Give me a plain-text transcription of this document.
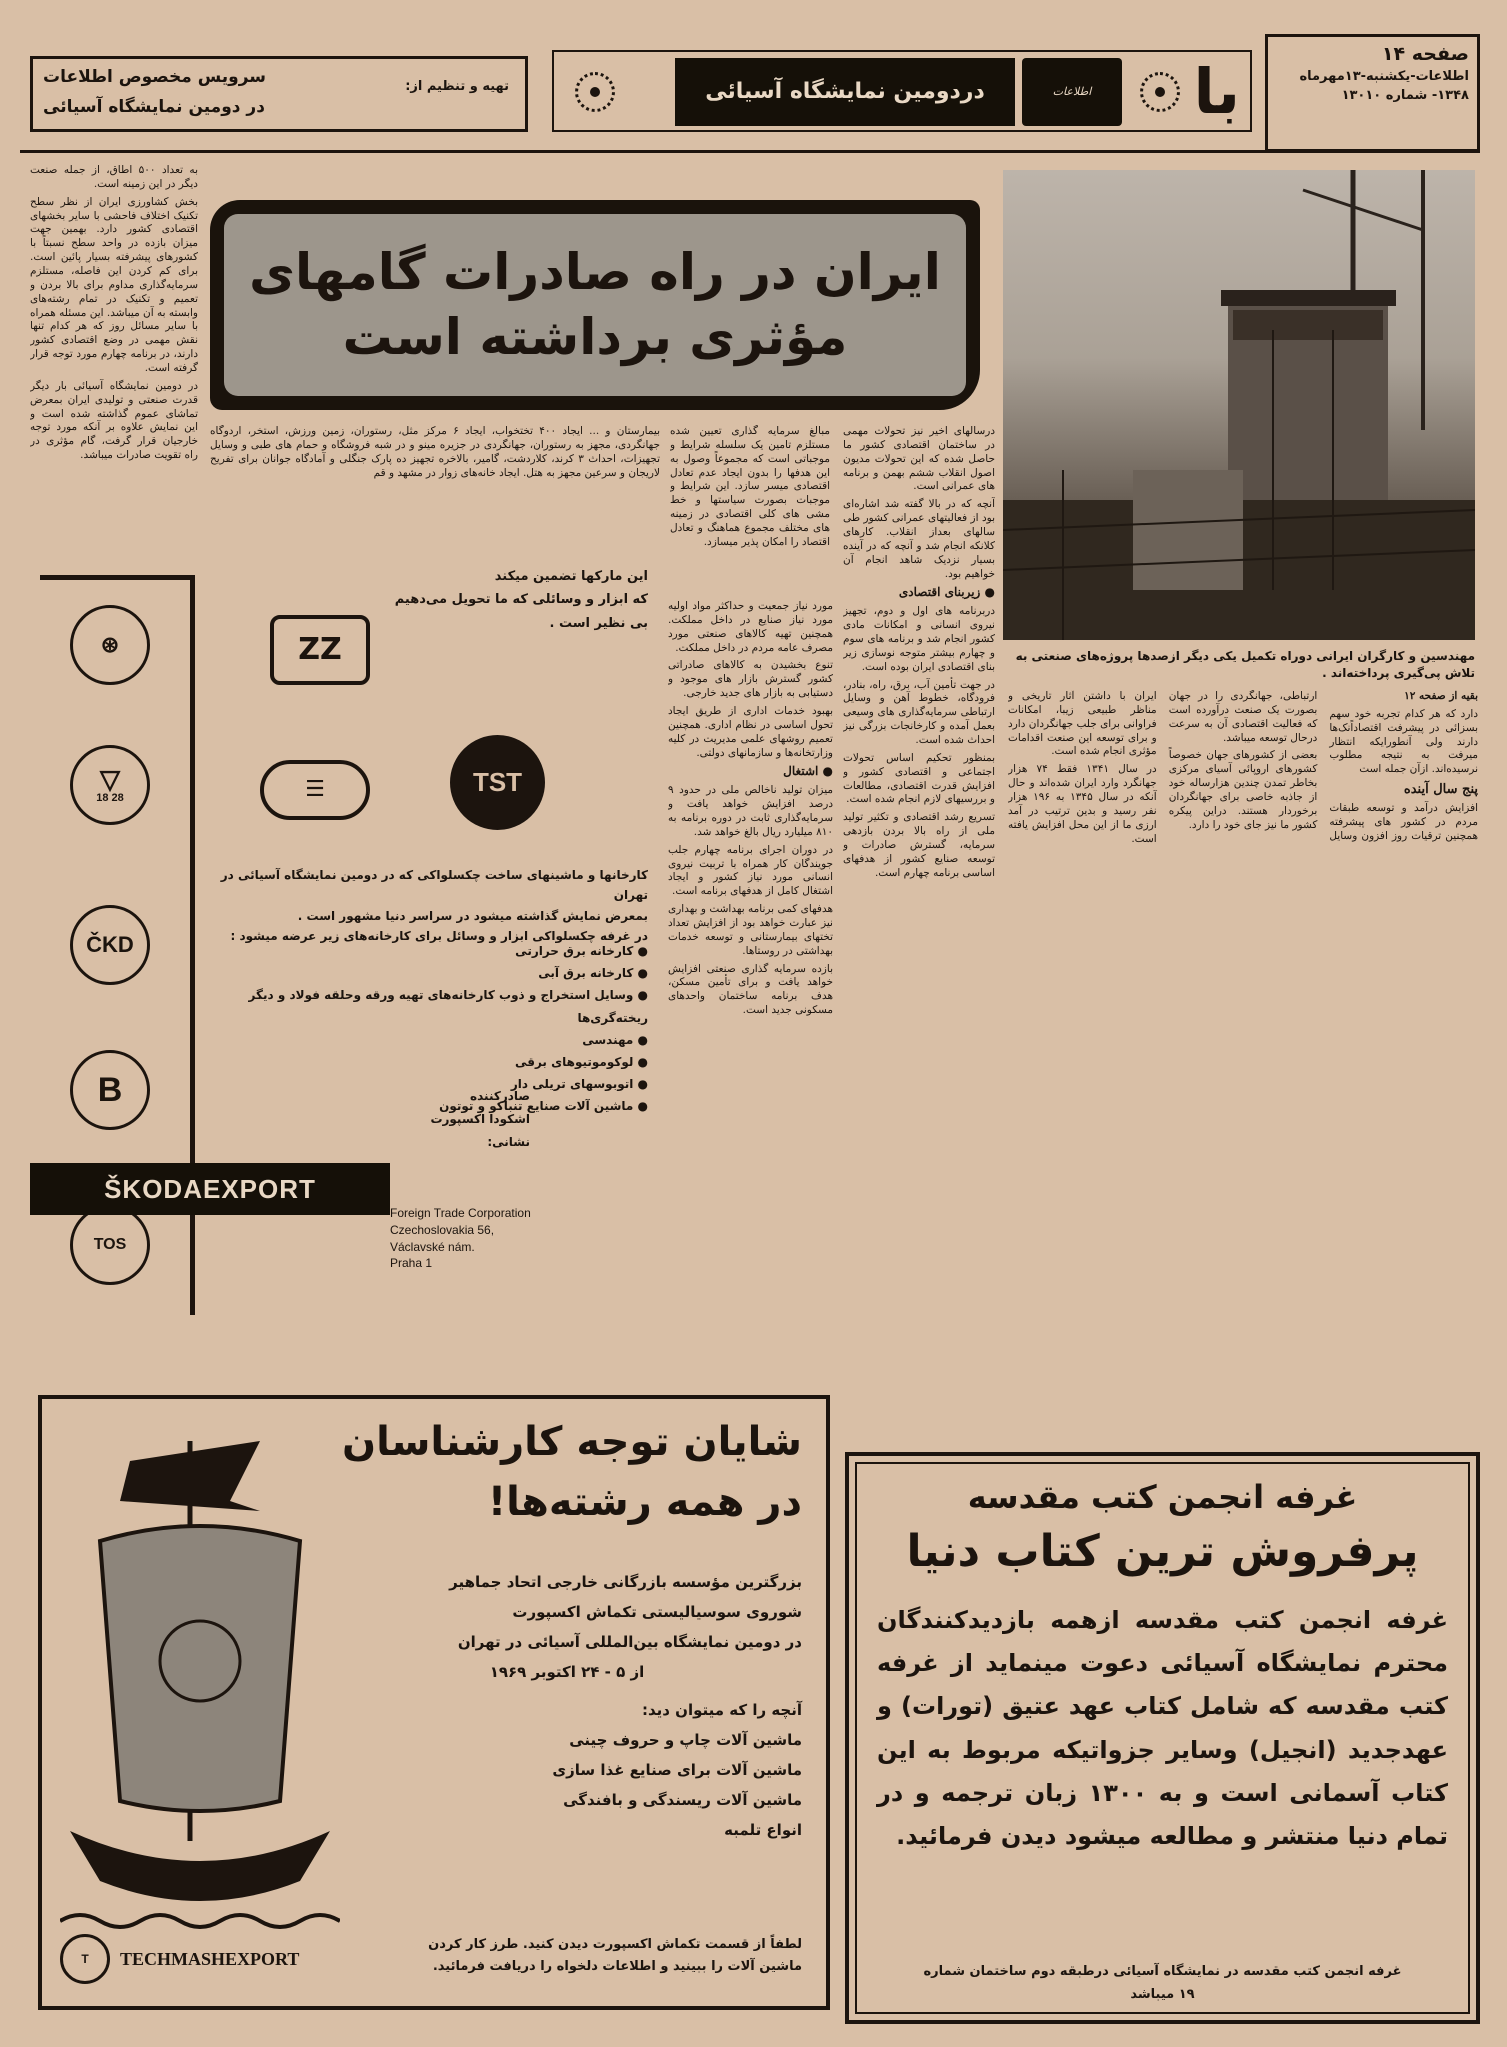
صفحه ۱۴
اطلاعات-یکشنبه-۱۳مهرماه
۱۳۴۸- شماره ۱۳۰۱۰
با

اطلاعات
دردومین نمایشگاه آسیائی
تهیه و تنظیم از:
سرویس مخصوص اطلاعات
در دومین نمایشگاه آسیائی
مهندسین و کارگران ایرانی دوراه تکمیل یکی دیگر ازصدها پروژه‌های صنعتی به تلاش پی‌گیری پرداخته‌اند .
ایران در راه صادرات گامهای
مؤثری برداشته است

به تعداد ۵۰۰ اطاق، از جمله صنعت دیگر در این زمینه است.

بخش کشاورزی ایران از نظر سطح تکنیک اختلاف فاحشی با سایر بخشهای اقتصادی کشور دارد. بهمین جهت میزان بازده در واحد سطح نسبتاً با کشورهای پیشرفته بسیار پائین است. برای کم کردن این فاصله، مستلزم سرمایه‌گذاری مداوم برای بالا بردن و تعمیم و تکنیک در تمام رشته‌های وابسته به آن میباشد. این مسئله همراه با سایر مسائل روز که هر کدام تنها نقش مهمی در وضع اقتصادی کشور دارند، در برنامه چهارم مورد توجه قرار گرفته است.

در دومین نمایشگاه آسیائی بار دیگر قدرت صنعتی و تولیدی ایران بمعرض تماشای عموم گذاشته شده است و این نمایش علاوه بر آنکه مورد توجه خارجیان قرار گرفت، گام مؤثری در راه تقویت صادرات میباشد.

بیمارستان و ... ایجاد ۴۰۰ تختخواب، ایجاد ۶ مرکز مثل، رستوران، زمین ورزش، استخر، اردوگاه جهانگردی، مجهز به رستوران، جهانگردی در جزیره مینو و در شبه فروشگاه و حمام های طبی و وسایل تجهیزات، احداث ۳ کرند، کلاردشت، گامیر، بالاخره تجهیز ده پارک جنگلی و آمادگاه جوانان برای تفریح لاریجان و سرعین مجهز به هتل. ایجاد خانه‌های زوار در مشهد و قم
مبالغ سرمایه گذاری تعیین شده مستلزم تامین یک سلسله شرایط و موجباتی است که مجموعاً وصول به این هدفها را بدون ایجاد عدم تعادل اقتصادی میسر سازد. این شرایط و موجبات بصورت سیاستها و خط مشی های کلی اقتصادی در زمینه های مختلف مجموع هماهنگ و تعادل اقتصاد را امکان پذیر میسازد.

مورد نیاز جمعیت و حداکثر مواد اولیه مورد نیاز صنایع در داخل مملکت. همچنین تهیه کالاهای صنعتی مورد مصرف عامه مردم در داخل مملکت.

تنوع بخشیدن به کالاهای صادراتی کشور گسترش بازار های موجود و دستیابی به بازار های جدید خارجی.

بهبود خدمات اداری از طریق ایجاد تحول اساسی در نظام اداری. همچنین تعمیم روشهای علمی مدیریت در کلیه وزارتخانه‌ها و سازمانهای دولتی.

● اشتغال

میزان تولید ناخالص ملی در حدود ۹ درصد افزایش خواهد یافت و سرمایه‌گذاری ثابت در دوره برنامه به ۸۱۰ میلیارد ریال بالغ خواهد شد.

در دوران اجرای برنامه چهارم جلب جویندگان کار همراه با تربیت نیروی انسانی مورد نیاز کشور و ایجاد اشتغال کامل از هدفهای برنامه است.

هدفهای کمی برنامه بهداشت و بهداری نیز عبارت خواهد بود از افزایش تعداد تختهای بیمارستانی و توسعه خدمات بهداشتی در روستاها.

بازده سرمایه گذاری صنعتی افزایش خواهد یافت و برای تأمین مسکن، هدف برنامه ساختمان واحدهای مسکونی جدید است.

درسالهای اخیر نیز تحولات مهمی در ساختمان اقتصادی کشور ما حاصل شده که این تحولات مدیون اصول انقلاب ششم بهمن و برنامه های عمرانی است.

آنچه که در بالا گفته شد اشاره‌ای بود از فعالیتهای عمرانی کشور طی سالهای بعداز انقلاب. کارهای کلانکه انجام شد و آنچه که در آینده بسیار نزدیک شاهد انجام آن خواهیم بود.

● زیربنای اقتصادی

دربرنامه های اول و دوم، تجهیز نیروی انسانی و امکانات مادی کشور انجام شد و برنامه های سوم و چهارم بیشتر متوجه نوسازی زیر بنای اقتصادی ایران بوده است.

در جهت تأمین آب، برق، راه، بنادر، فرودگاه، خطوط آهن و وسایل ارتباطی سرمایه‌گذاری های وسیعی بعمل آمده و کارخانجات بزرگی نیز احداث شده است.

بمنظور تحکیم اساس تحولات اجتماعی و اقتصادی کشور و افزایش قدرت اقتصادی، مطالعات و بررسیهای لازم انجام شده است.

تسریع رشد اقتصادی و تکثیر تولید ملی از راه بالا بردن بازدهی سرمایه، گسترش صادرات و توسعه صنایع کشور از هدفهای اساسی برنامه چهارم است.

بقیه از صفحه ۱۲

دارد که هر کدام تجربه خود سهم بسزائی در پیشرفت اقتصاداًنک‌ها دارند ولی آنطورایکه انتظار میرفت به نتیجه مطلوب نرسیده‌اند. ازآن جمله است

پنج سال آینده

افزایش درآمد و توسعه طبقات مردم در کشور های پیشرفته همچنین ترقیات روز افزون وسایل ارتباطی، جهانگردی را در جهان بصورت یک صنعت درآورده است که فعالیت اقتصادی آن به سرعت درحال توسعه میباشد.

بعضی از کشورهای جهان خصوصاً کشورهای اروپائی آسیای مرکزی بخاطر تمدن چندین هزارساله خود از جاذبه خاصی برای جهانگردان برخوردار هستند. دراین پیکره کشور ما نیز جای خود را دارد.

ایران با داشتن آثار تاریخی و مناظر طبیعی زیبا، امکانات فراوانی برای جلب جهانگردان دارد و برای توسعه این صنعت اقدامات مؤثری انجام شده است.

در سال ۱۳۴۱ فقط ۷۴ هزار جهانگرد وارد ایران شده‌اند و حال آنکه در سال ۱۳۴۵ به ۱۹۶ هزار نفر رسید و بدین ترتیب در آمد ارزی ما از این محل افزایش یافته است.

⊛
▽
18 28
ČKD
B
TOS
ZZ
☰	TST
این مارکها تضمین میکند
که ابزار و وسائلی که ما تحویل می‌دهیم
بی نظیر است .
کارخانها و ماشینهای ساخت چکسلواکی که در دومین نمایشگاه آسیائی در تهران
بمعرض نمایش گذاشته میشود در سراسر دنیا مشهور است .
در غرفه چکسلواکی ابزار و وسائل برای کارخانه‌های زیر عرضه میشود :
● کارخانه برق حرارتی
● کارخانه برق آبی
● وسایل استخراج و ذوب کارخانه‌های تهیه ورقه وحلقه فولاد و دیگر ریخته‌گری‌ها
● مهندسی
● لوکوموتیوهای برقی
● اتوبوسهای تریلی دار
● ماشین آلات صنایع تنباکو و توتون
صادرکننده
اشکودا اکسپورت
نشانی:
ŠKODAEXPORT
Foreign Trade Corporation
Czechoslovakia 56,
Václavské nám.
Praha 1
شایان توجه کارشناسان
در همه رشته‌ها!
بزرگترین مؤسسه بازرگانی خارجی اتحاد جماهیر
شوروی سوسیالیستی تکماش اکسپورت
در دومین نمایشگاه بین‌المللی آسیائی در تهران
از ۵ - ۲۴ اکتوبر ۱۹۶۹
آنچه را که میتوان دید:
ماشین آلات چاپ و حروف چینی
ماشین آلات برای صنایع غذا سازی
ماشین آلات ریسندگی و بافندگی
انواع تلمبه
T	TECHMASHEXPORT
لطفاً از قسمت تکماش اکسپورت دیدن کنید. طرز کار کردن
ماشین آلات را ببینید و اطلاعات دلخواه را دریافت فرمائید.
غرفه انجمن کتب مقدسه
پرفروش ترین کتاب دنیا
غرفه انجمن کتب مقدسه ازهمه بازدیدکنندگان محترم نمایشگاه آسیائی دعوت مینماید از غرفه کتب مقدسه که شامل کتاب عهد عتیق (تورات) و عهدجدید (انجیل) وسایر جزواتیکه مربوط به این کتاب آسمانی است و به ۱۳۰۰ زبان ترجمه و در تمام دنیا منتشر و مطالعه میشود دیدن فرمائید.
غرفه انجمن کتب مقدسه در نمایشگاه آسیائی درطبقه دوم ساختمان شماره
۱۹ میباشد
